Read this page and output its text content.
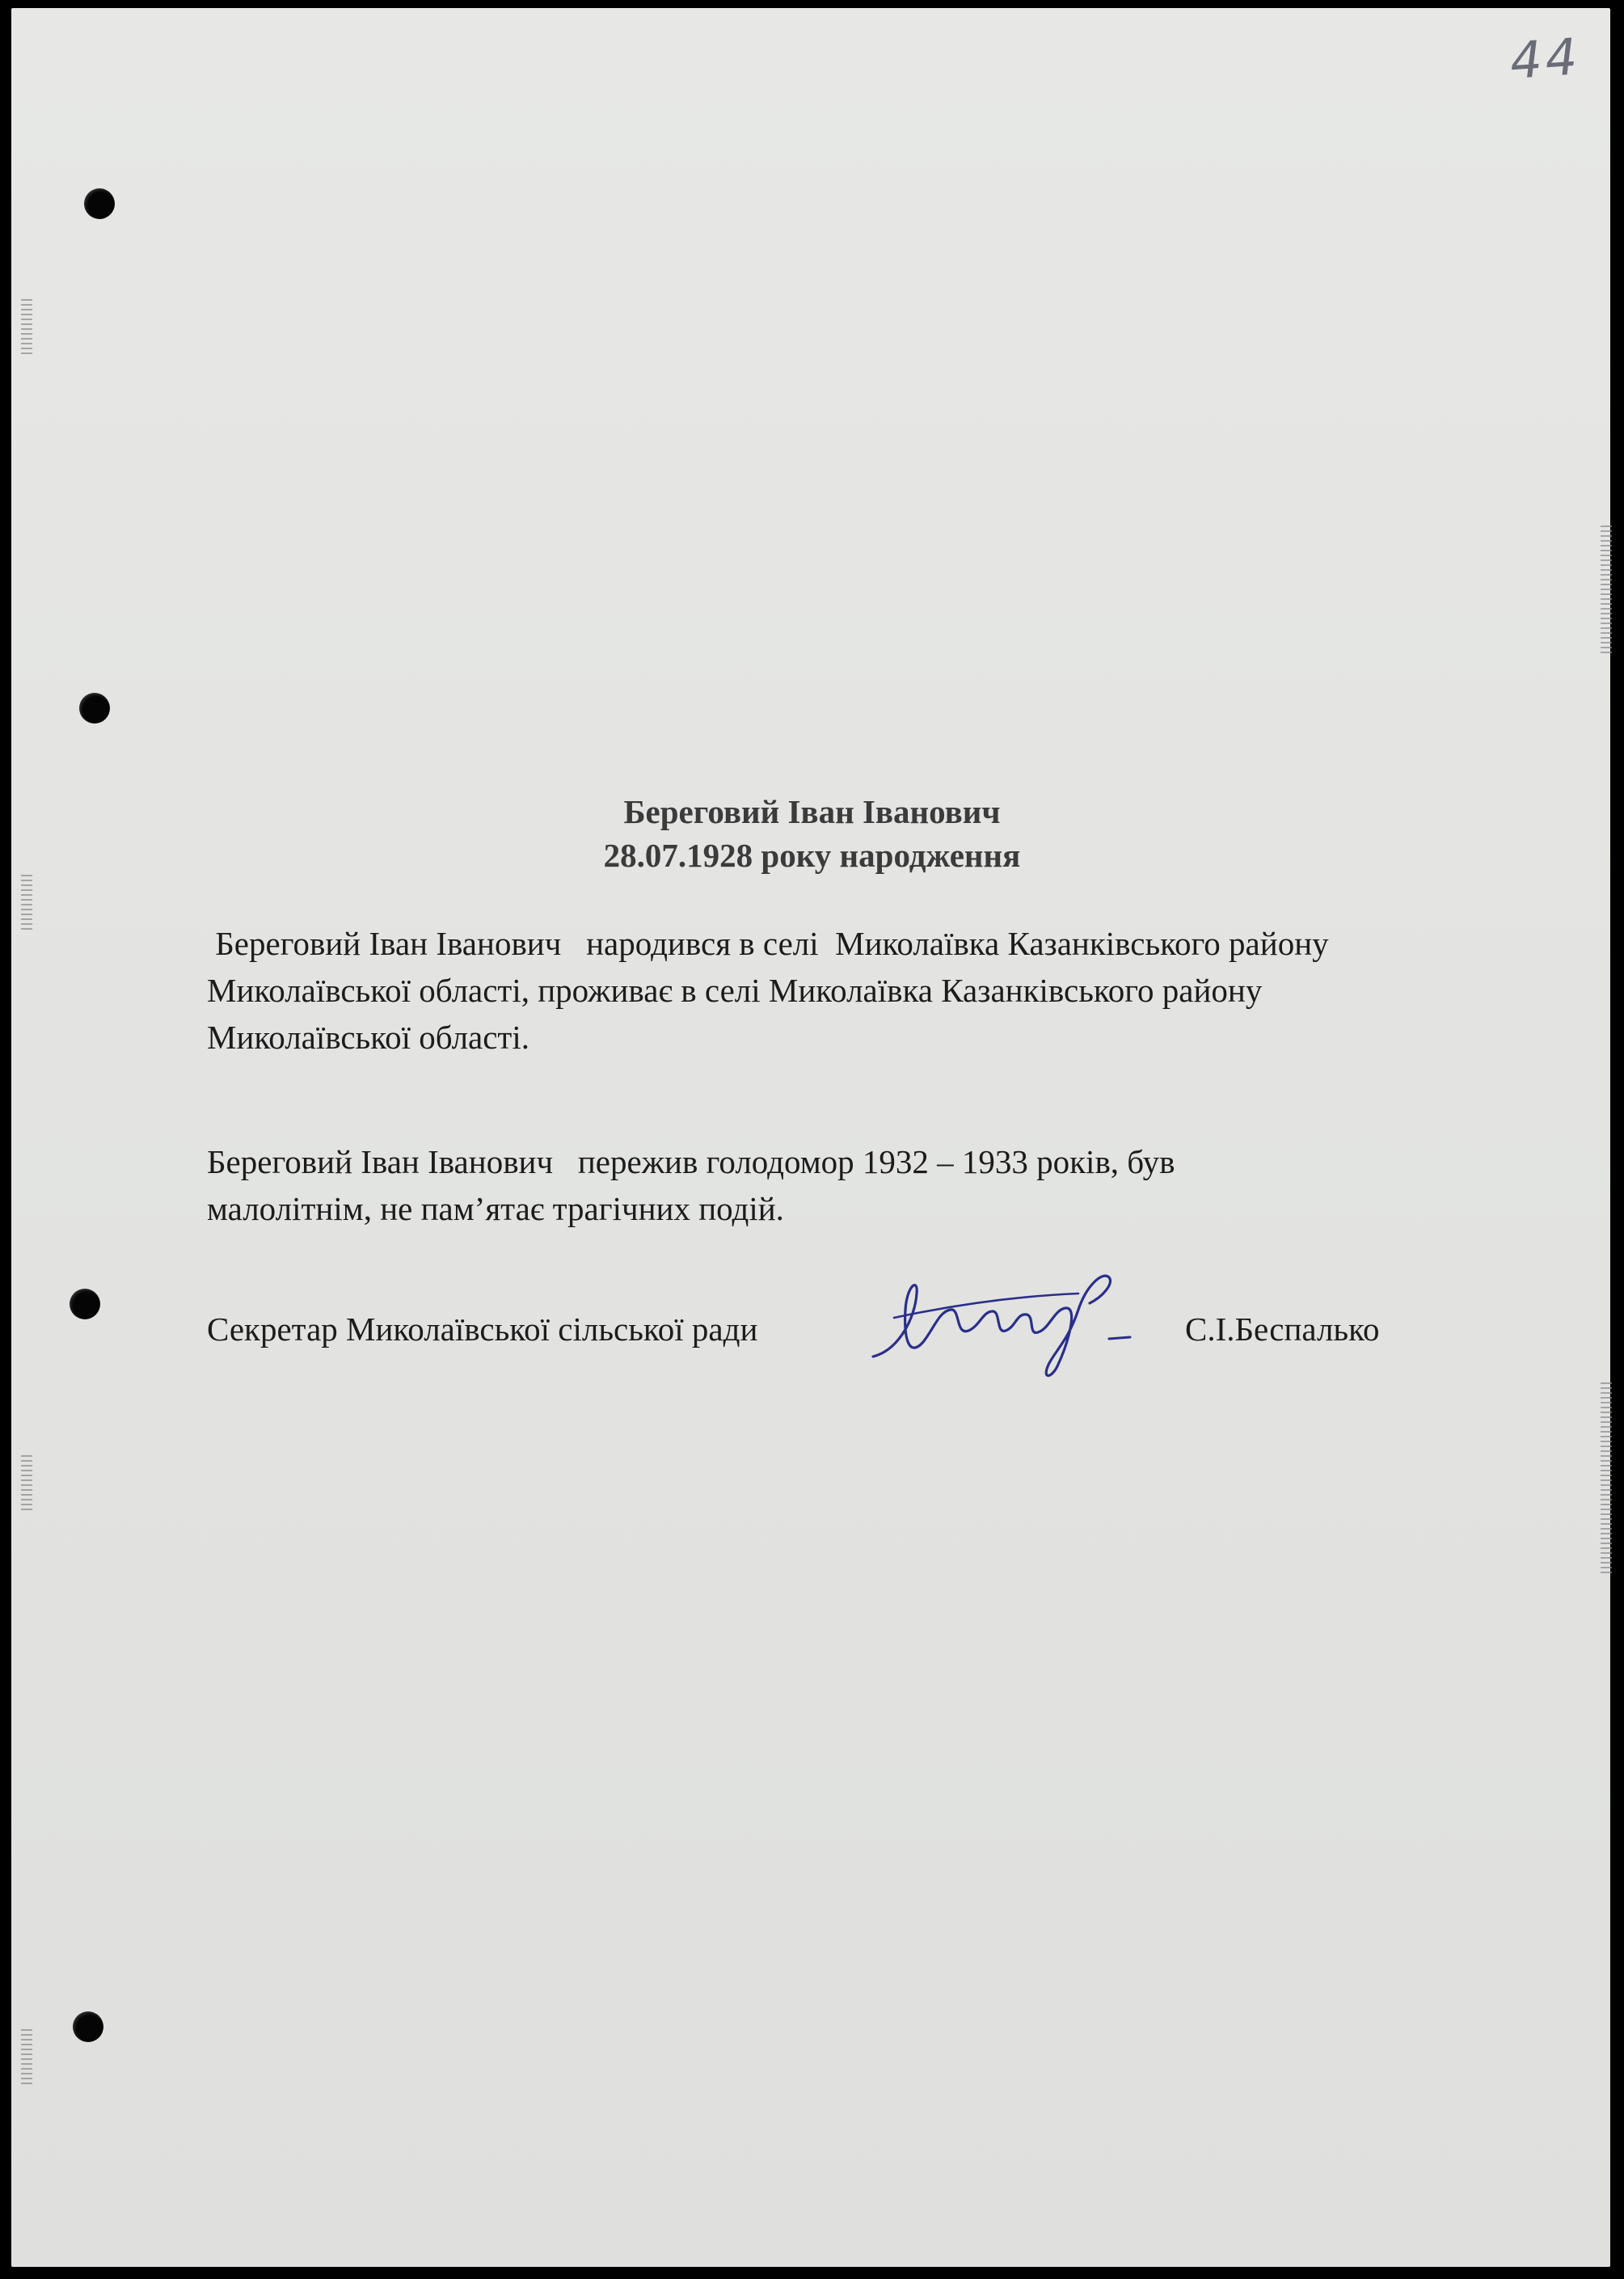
44
Береговий Іван Іванович
28.07.1928 року народження
Береговий Іван Іванович   народився в селі  Миколаївка Казанківського району
Миколаївської області, проживає в селі Миколаївка Казанківського району
Миколаївської області.
Береговий Іван Іванович   пережив голодомор 1932 – 1933 років, був
малолітнім, не пам’ятає трагічних подій.
Секретар Миколаївської сільської ради	С.І.Беспалько
